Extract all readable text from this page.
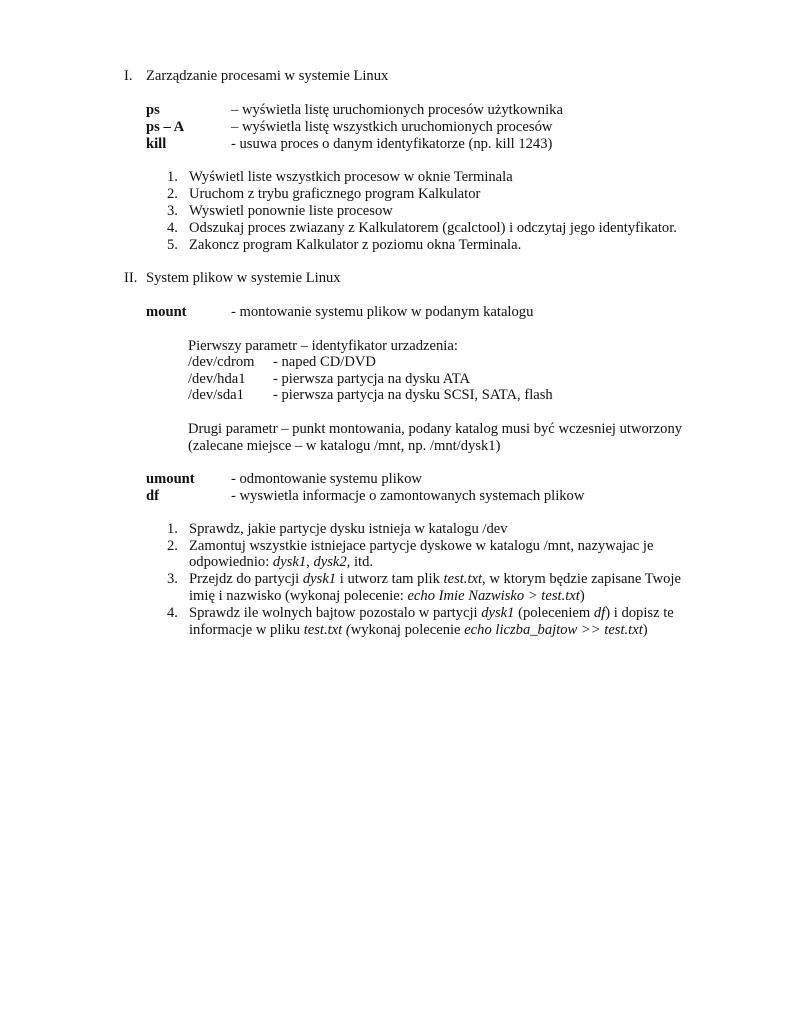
I. Zarządzanie procesami w systemie Linux
ps	– wyświetla listę uruchomionych procesów użytkownika
ps – A	– wyświetla listę wszystkich uruchomionych procesów
kill	- usuwa proces o danym identyfikatorze (np. kill 1243)
1. Wyświetl liste wszystkich procesow w oknie Terminala
2. Uruchom z trybu graficznego program Kalkulator
3. Wyswietl ponownie liste procesow
4. Odszukaj proces zwiazany z Kalkulatorem (gcalctool) i odczytaj jego identyfikator.
5. Zakoncz program Kalkulator z poziomu okna Terminala.
II. System plikow w systemie Linux
mount	- montowanie systemu plikow w podanym katalogu
Pierwszy parametr – identyfikator urzadzenia:
/dev/cdrom - naped CD/DVD
/dev/hda1 - pierwsza partycja na dysku ATA
/dev/sda1 - pierwsza partycja na dysku SCSI, SATA, flash
Drugi parametr – punkt montowania, podany katalog musi być wczesniej utworzony
(zalecane miejsce – w katalogu /mnt, np. /mnt/dysk1)
umount - odmontowanie systemu plikow
df	- wyswietla informacje o zamontowanych systemach plikow
1. Sprawdz, jakie partycje dysku istnieja w katalogu /dev
2. Zamontuj wszystkie istniejace partycje dyskowe w katalogu /mnt, nazywajac je
odpowiednio: dysk1, dysk2, itd.
3. Przejdz do partycji dysk1 i utworz tam plik test.txt, w ktorym będzie zapisane Twoje
imię i nazwisko (wykonaj polecenie: echo Imie Nazwisko > test.txt)
4. Sprawdz ile wolnych bajtow pozostalo w partycji dysk1 (poleceniem df) i dopisz te
informacje w pliku test.txt (wykonaj polecenie echo liczba_bajtow >> test.txt)
